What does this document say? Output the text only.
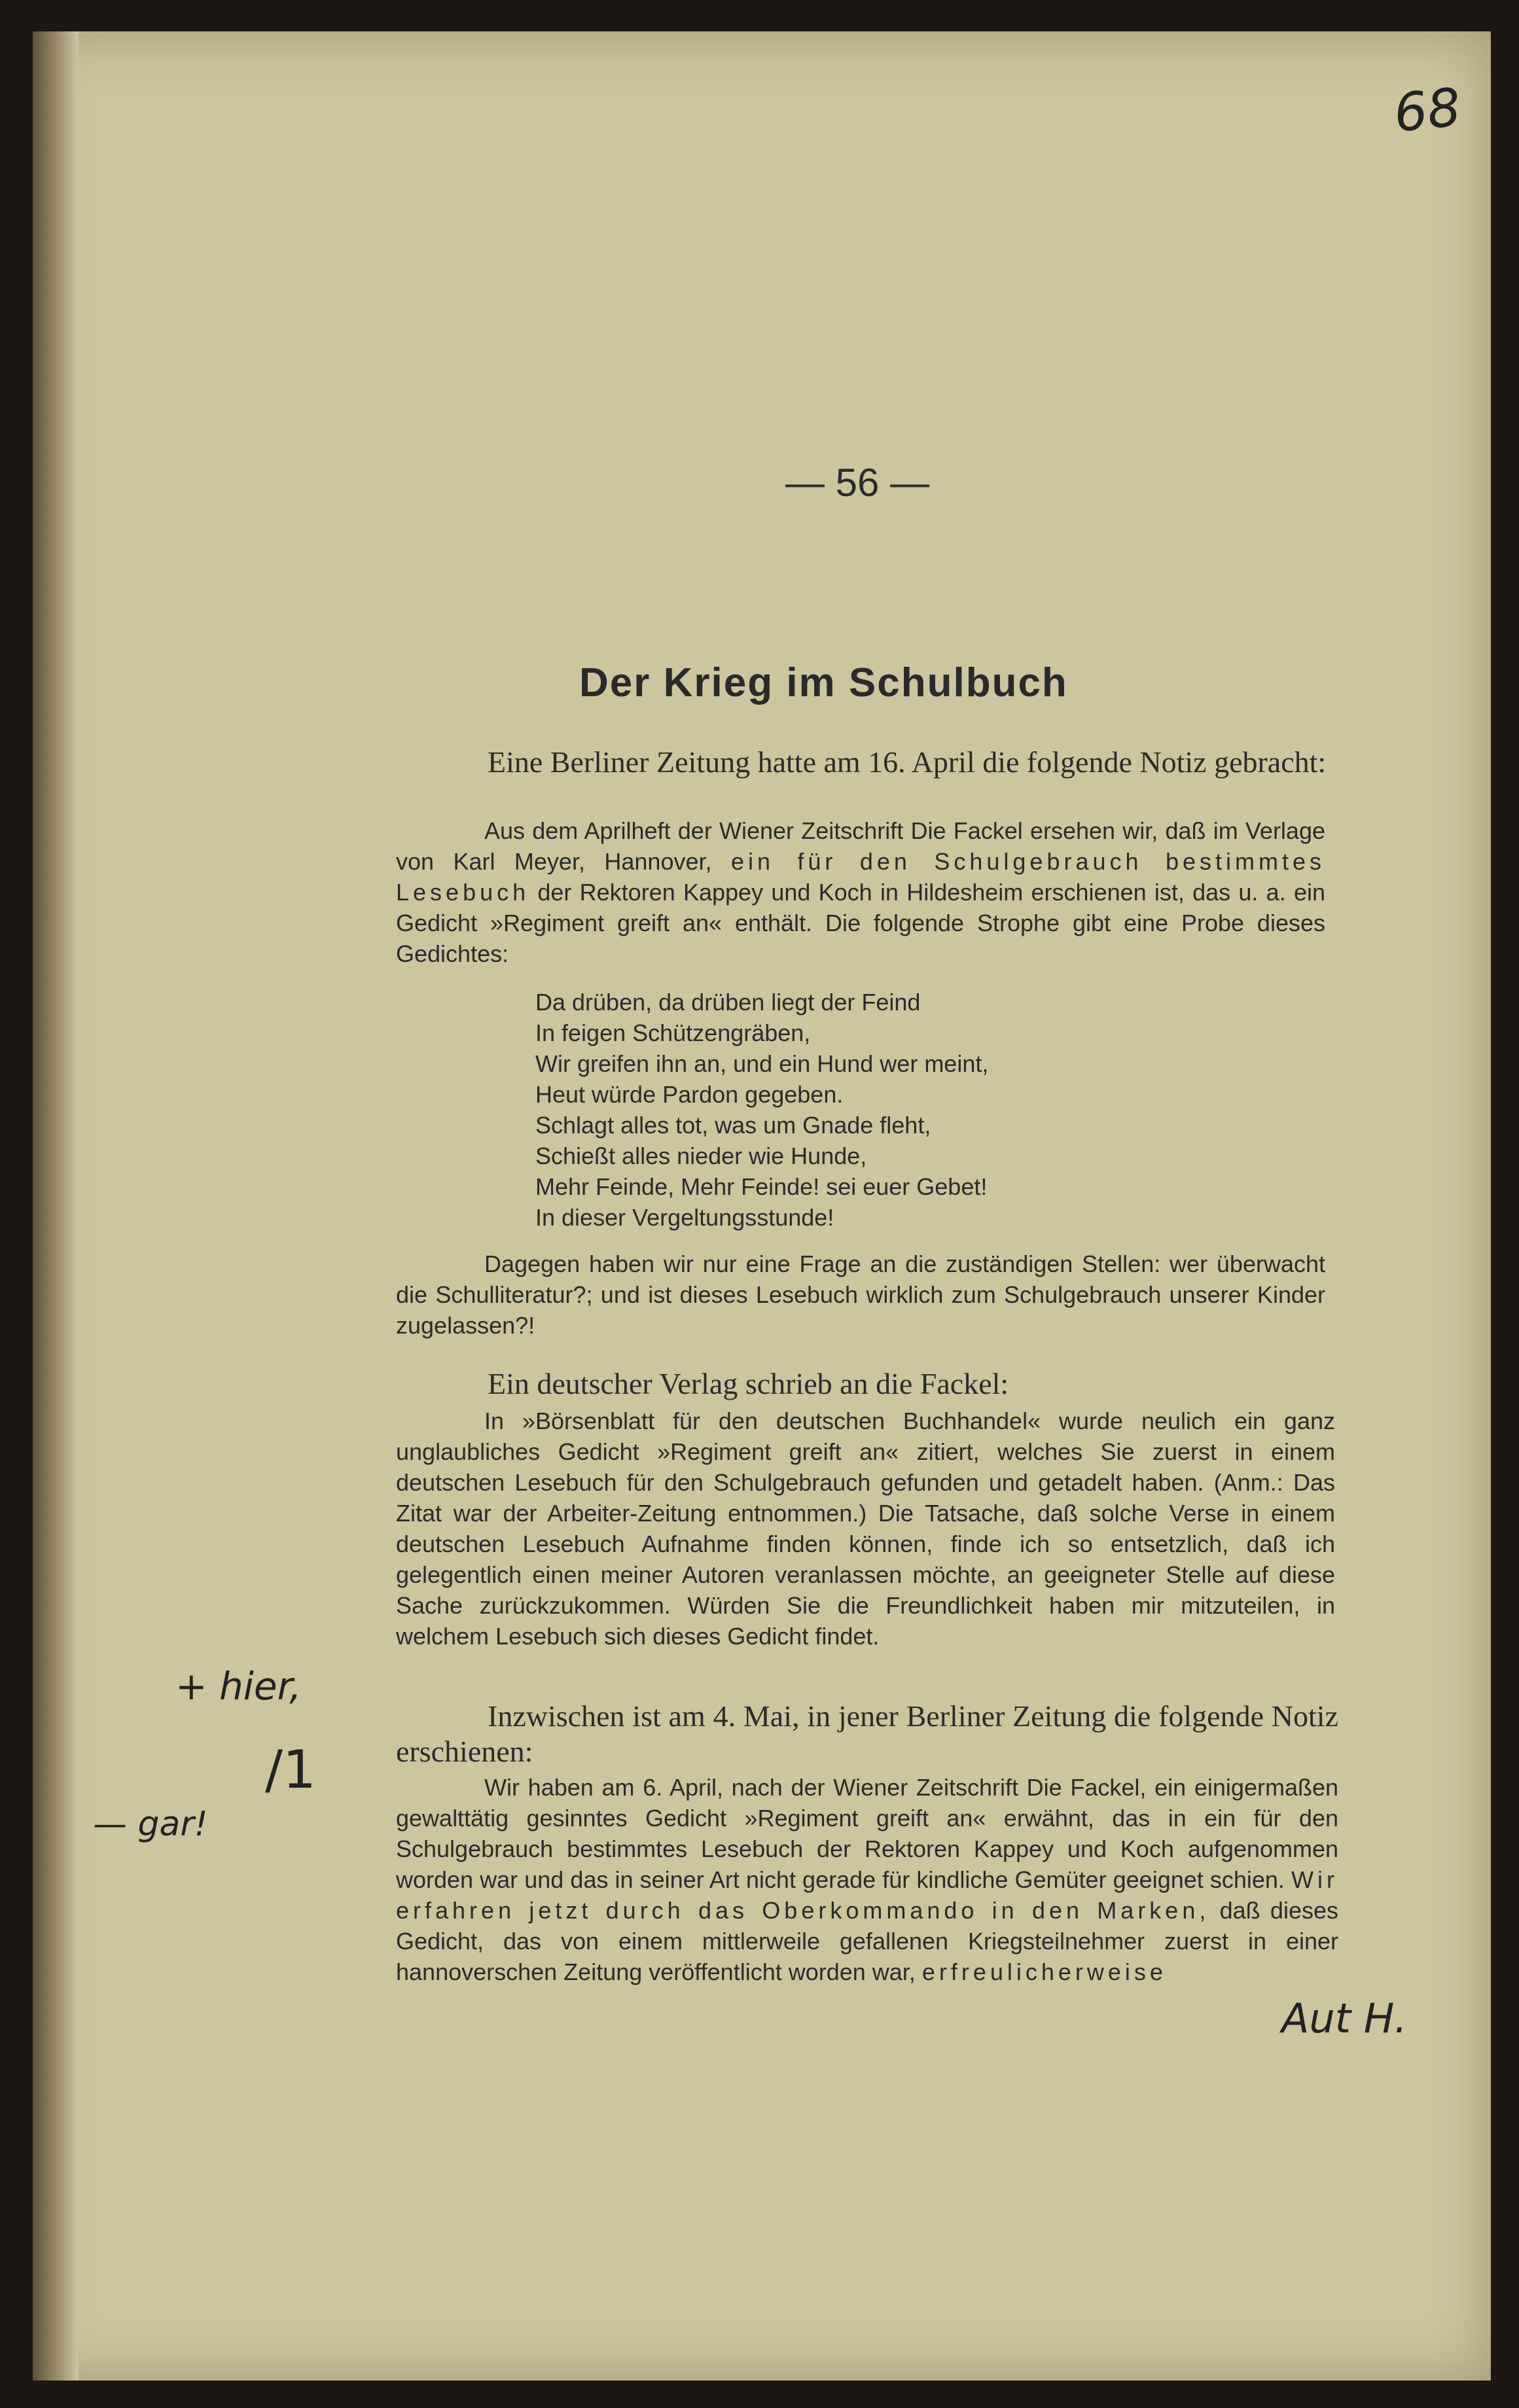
68
— 56 —
Der Krieg im Schulbuch
Eine Berliner Zeitung hatte am 16. April die folgende Notiz gebracht:
Aus dem Aprilheft der Wiener Zeitschrift Die Fackel ersehen wir, daß im Verlage von Karl Meyer, Hannover, ein für den Schulgebrauch bestimmtes Lesebuch der Rektoren Kappey und Koch in Hildesheim erschienen ist, das u. a. ein Gedicht »Regiment greift an« enthält. Die folgende Strophe gibt eine Probe dieses Gedichtes:
Da drüben, da drüben liegt der Feind
In feigen Schützengräben,
Wir greifen ihn an, und ein Hund wer meint,
Heut würde Pardon gegeben.
Schlagt alles tot, was um Gnade fleht,
Schießt alles nieder wie Hunde,
Mehr Feinde, Mehr Feinde! sei euer Gebet!
In dieser Vergeltungsstunde!
Dagegen haben wir nur eine Frage an die zuständigen Stellen: wer überwacht die Schulliteratur?; und ist dieses Lesebuch wirklich zum Schulgebrauch unserer Kinder zugelassen?!
Ein deutscher Verlag schrieb an die Fackel:
In »Börsenblatt für den deutschen Buchhandel« wurde neulich ein ganz unglaubliches Gedicht »Regiment greift an« zitiert, welches Sie zuerst in einem deutschen Lesebuch für den Schulgebrauch gefunden und getadelt haben. (Anm.: Das Zitat war der Arbeiter-Zeitung entnommen.) Die Tatsache, daß solche Verse in einem deutschen Lesebuch Aufnahme finden können, finde ich so entsetzlich, daß ich gelegentlich einen meiner Autoren veranlassen möchte, an geeigneter Stelle auf diese Sache zurückzukommen. Würden Sie die Freundlichkeit haben mir mitzuteilen, in welchem Lesebuch sich dieses Gedicht findet.
Inzwischen ist am 4. Mai, in jener Berliner Zeitung die folgende Notiz erschienen:
Wir haben am 6. April, nach der Wiener Zeitschrift Die Fackel, ein einigermaßen gewalttätig gesinntes Gedicht »Regiment greift an« erwähnt, das in ein für den Schulgebrauch bestimmtes Lesebuch der Rektoren Kappey und Koch aufgenommen worden war und das in seiner Art nicht gerade für kindliche Gemüter geeignet schien. Wir erfahren jetzt durch das Oberkommando in den Marken, daß dieses Gedicht, das von einem mittlerweile gefallenen Kriegsteilnehmer zuerst in einer hannoverschen Zeitung veröffentlicht worden war, erfreulicherweise
+ hier,
/1
— gar!
Aut H.
